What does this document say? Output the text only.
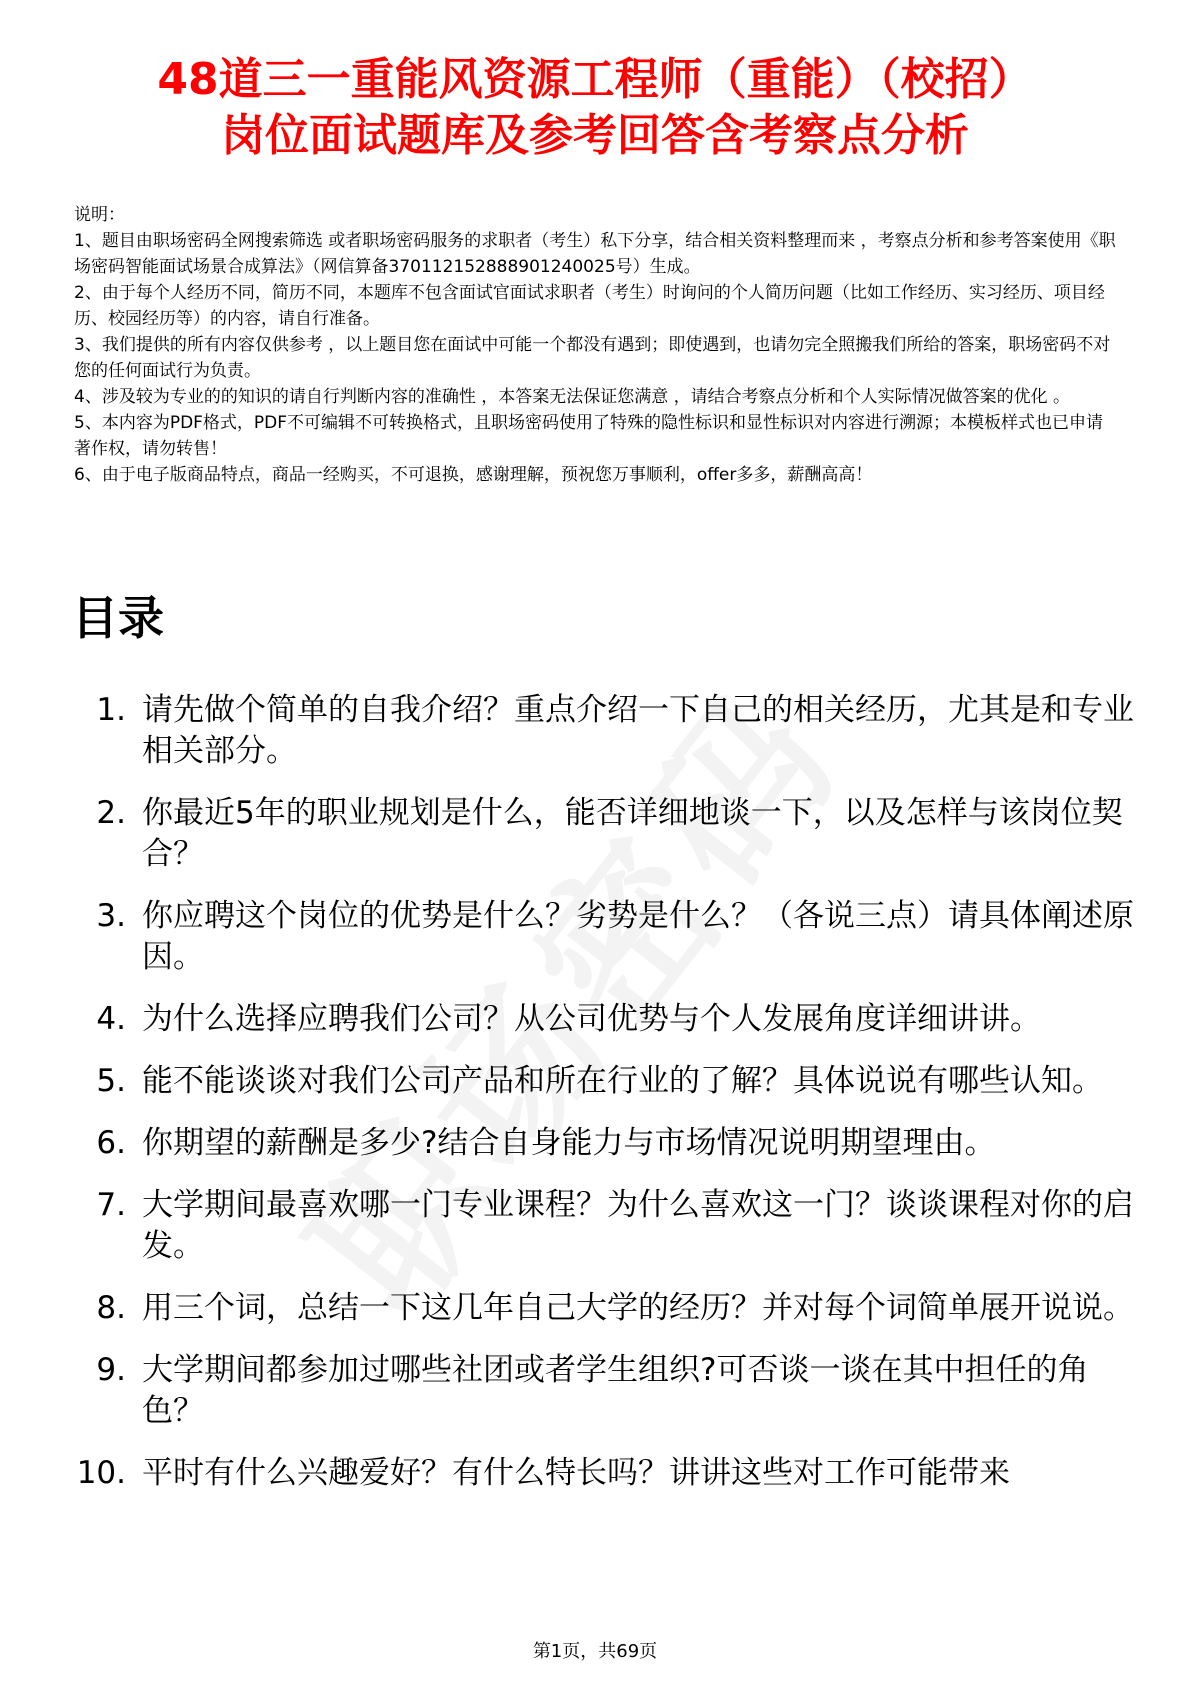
48道三一重能风资源工程师（重能）（校招）
岗位面试题库及参考回答含考察点分析

说明：

1、题目由职场密码全网搜索筛选 或者职场密码服务的求职者（考生）私下分享，结合相关资料整理而来 ，考察点分析和参考答案使用《职场密码智能面试场景合成算法》（网信算备370112152888901240025号）生成。

2、由于每个人经历不同，简历不同，本题库不包含面试官面试求职者（考生）时询问的个人简历问题（比如工作经历、实习经历、项目经历、校园经历等）的内容，请自行准备。

3、我们提供的所有内容仅供参考 ，以上题目您在面试中可能一个都没有遇到；即使遇到，也请勿完全照搬我们所给的答案，职场密码不对您的任何面试行为负责。

4、涉及较为专业的的知识的请自行判断内容的准确性 ，本答案无法保证您满意 ，请结合考察点分析和个人实际情况做答案的优化 。

5、本内容为PDF格式，PDF不可编辑不可转换格式，且职场密码使用了特殊的隐性标识和显性标识对内容进行溯源；本模板样式也已申请著作权，请勿转售！

6、由于电子版商品特点，商品一经购买，不可退换，感谢理解，预祝您万事顺利，offer多多，薪酬高高！

目录
1. 请先做个简单的自我介绍？重点介绍一下自己的相关经历，尤其是和专业相关部分。
2. 你最近5年的职业规划是什么，能否详细地谈一下，以及怎样与该岗位契合？
3. 你应聘这个岗位的优势是什么？劣势是什么？（各说三点）请具体阐述原因。
4. 为什么选择应聘我们公司？从公司优势与个人发展角度详细讲讲。
5. 能不能谈谈对我们公司产品和所在行业的了解？具体说说有哪些认知。
6. 你期望的薪酬是多少?结合自身能力与市场情况说明期望理由。
7. 大学期间最喜欢哪一门专业课程？为什么喜欢这一门？谈谈课程对你的启发。
8. 用三个词，总结一下这几年自己大学的经历？并对每个词简单展开说说。
9. 大学期间都参加过哪些社团或者学生组织?可否谈一谈在其中担任的角色？
10. 平时有什么兴趣爱好？有什么特长吗？讲讲这些对工作可能带来
第1页，共69页
